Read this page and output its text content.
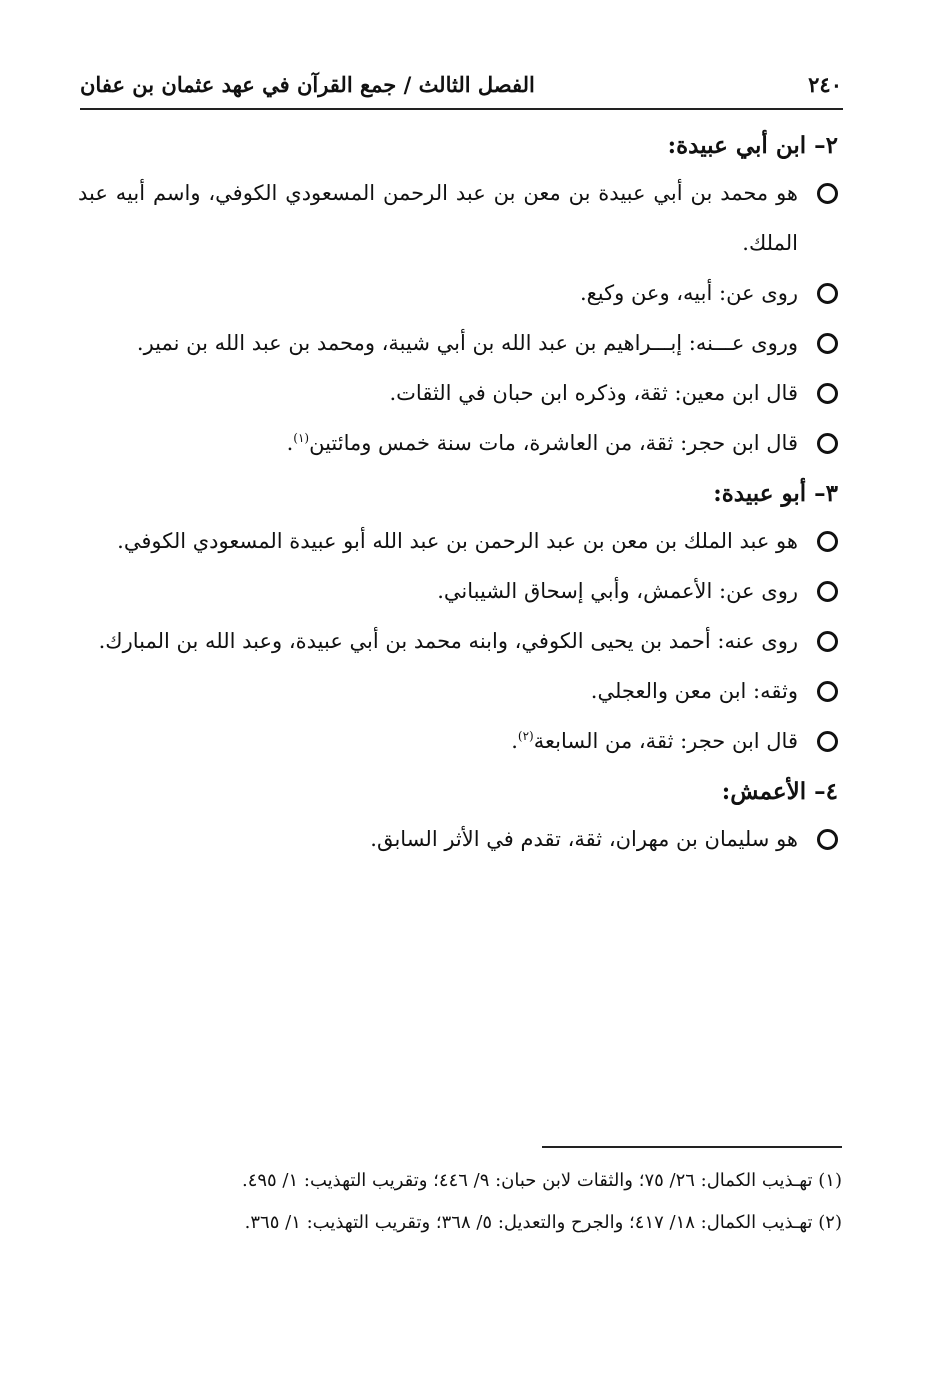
٢٤٠
الفصل الثالث / جمع القرآن في عهد عثمان بن عفان
٢– ابن أبي عبيدة:
هو محمد بن أبي عبيدة بن معن بن عبد الرحمن المسعودي الكوفي، واسم أبيه عبد الملك.
روى عن: أبيه، وعن وكيع.
وروى عـــنه: إبـــراهيم بن عبد الله بن أبي شيبة، ومحمد بن عبد الله بن نمير.
قال ابن معين: ثقة، وذكره ابن حبان في الثقات.
قال ابن حجر: ثقة، من العاشرة، مات سنة خمس ومائتين$^{(١)}$.
٣– أبو عبيدة:
هو عبد الملك بن معن بن عبد الرحمن بن عبد الله أبو عبيدة المسعودي الكوفي.
روى عن: الأعمش، وأبي إسحاق الشيباني.
روى عنه: أحمد بن يحيى الكوفي، وابنه محمد بن أبي عبيدة، وعبد الله بن المبارك.
وثقه: ابن معن والعجلي.
قال ابن حجر: ثقة، من السابعة$^{(٢)}$.
٤– الأعمش:
هو سليمان بن مهران، ثقة، تقدم في الأثر السابق.
(١) تهـذيب الكمال: ٢٦/ ٧٥؛ والثقات لابن حبان: ٩/ ٤٤٦؛ وتقريب التهذيب: ١/ ٤٩٥.
(٢) تهـذيب الكمال: ١٨/ ٤١٧؛ والجرح والتعديل: ٥/ ٣٦٨؛ وتقريب التهذيب: ١/ ٣٦٥.
